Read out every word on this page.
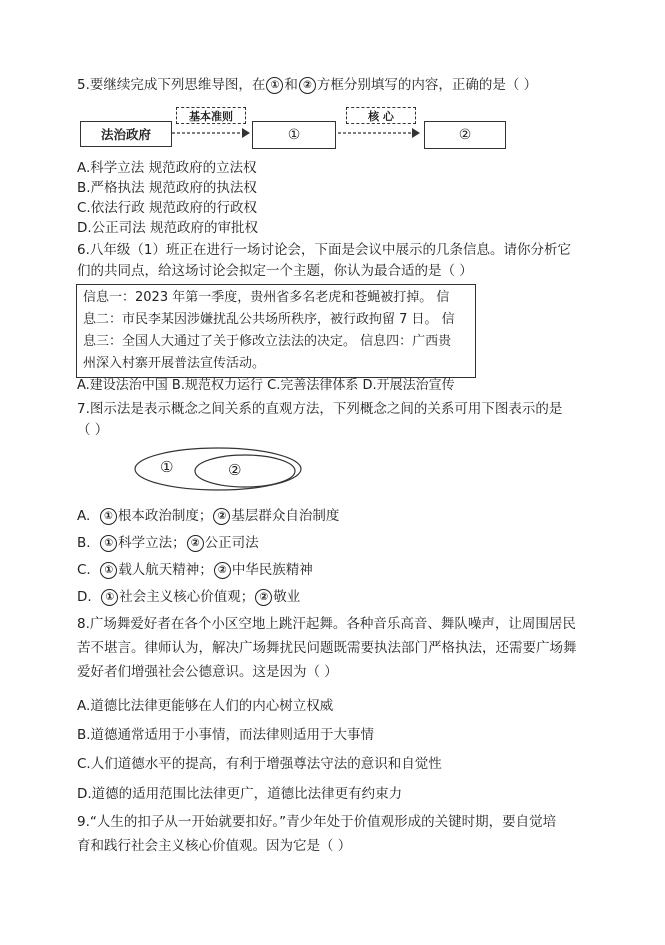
5.要继续完成下列思维导图，在 ① 和 ② 方框分别填写的内容，正确的是（ ）
法治政府
基本准则
①
核 心
②
A.科学立法 规范政府的立法权
B.严格执法 规范政府的执法权
C.依法行政 规范政府的行政权
D.公正司法 规范政府的审批权
6.八年级（1）班正在进行一场讨论会，下面是会议中展示的几条信息。请你分析它
们的共同点，给这场讨论会拟定一个主题，你认为最合适的是（ ）
信息一：2023 年第一季度，贵州省多名老虎和苍蝇被打掉。 信
息二：市民李某因涉嫌扰乱公共场所秩序，被行政拘留 7 日。 信
息三：全国人大通过了关于修改立法法的决定。 信息四：广西贵
州深入村寨开展普法宣传活动。
A.建设法治中国 B.规范权力运行 C.完善法律体系 D.开展法治宣传
7.图示法是表示概念之间关系的直观方法，下列概念之间的关系可用下图表示的是
（ ）
①	②
A. ① 根本政治制度； ② 基层群众自治制度
B. ① 科学立法； ② 公正司法
C. ① 载人航天精神； ② 中华民族精神
D. ① 社会主义核心价值观； ② 敬业
8.广场舞爱好者在各个小区空地上跳汗起舞。各种音乐高音、舞队噪声，让周围居民
苦不堪言。律师认为，解决广场舞扰民问题既需要执法部门严格执法，还需要广场舞
爱好者们增强社会公德意识。这是因为（ ）
A.道德比法律更能够在人们的内心树立权威
B.道德通常适用于小事情，而法律则适用于大事情
C.人们道德水平的提高，有利于增强尊法守法的意识和自觉性
D.道德的适用范围比法律更广，道德比法律更有约束力
9.“人生的扣子从一开始就要扣好。”青少年处于价值观形成的关键时期，要自觉培
育和践行社会主义核心价值观。因为它是（ ）
